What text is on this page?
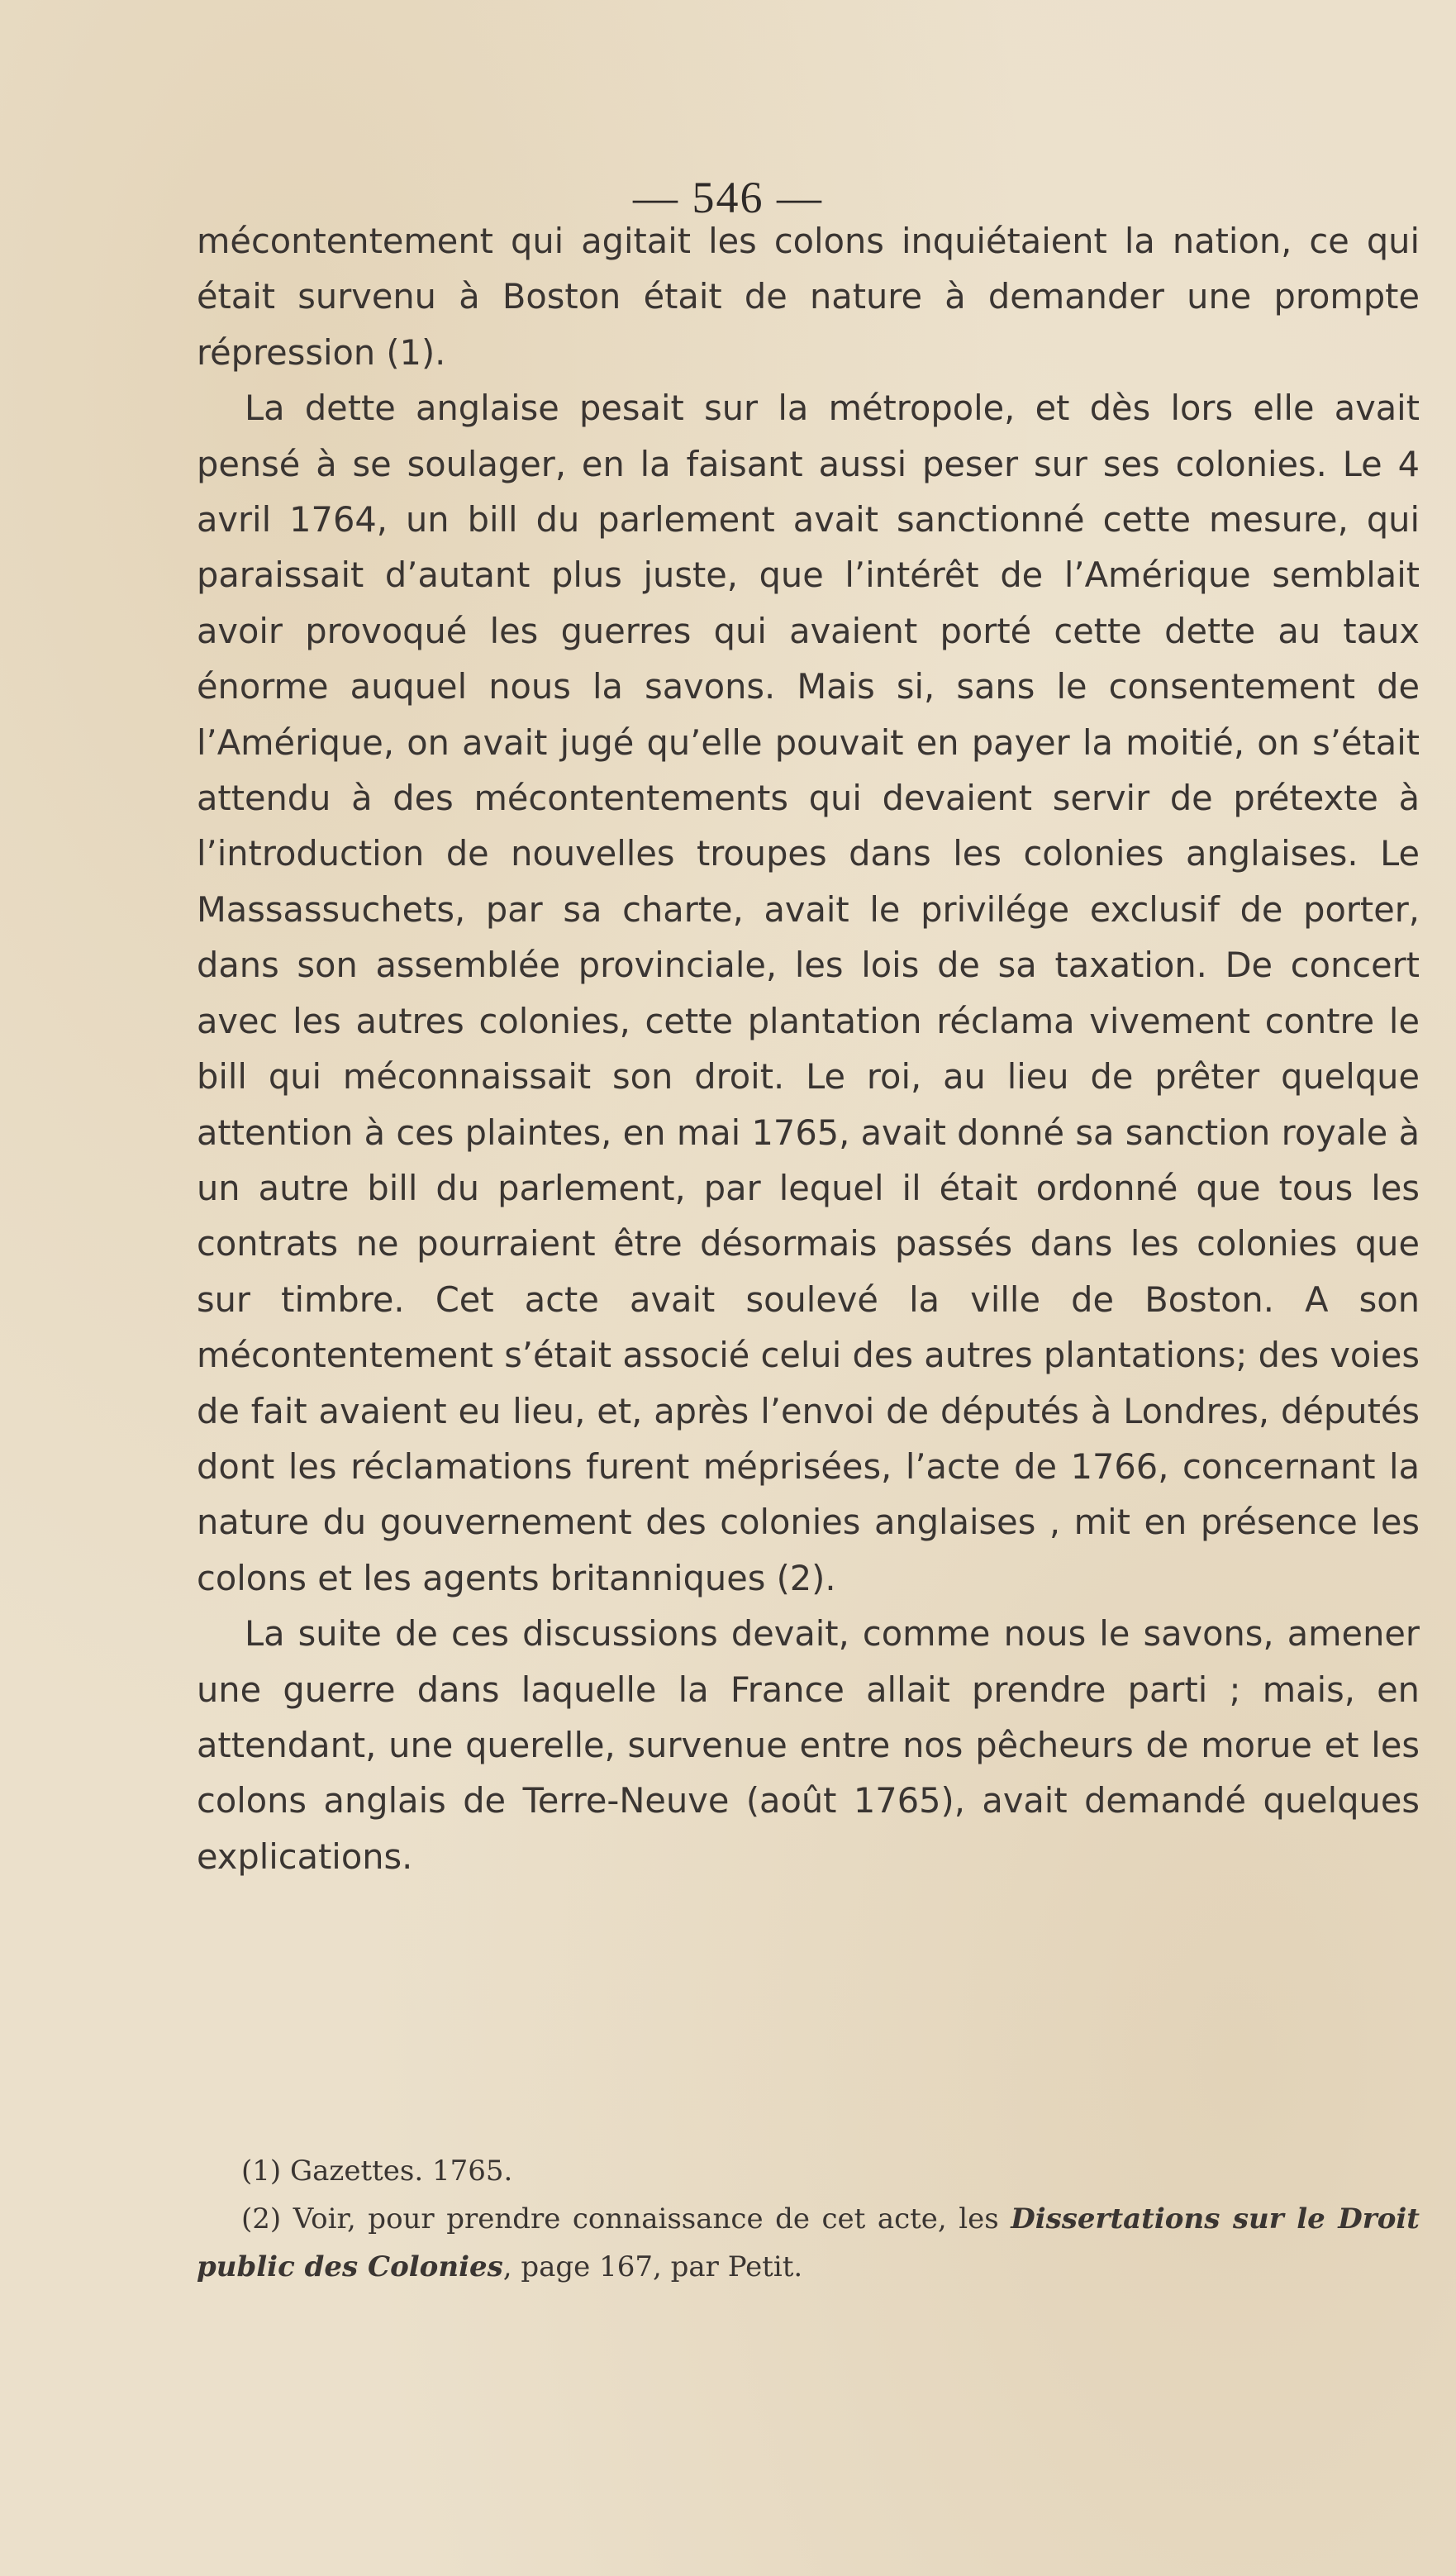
— 546 —

mécontentement qui agitait les colons inquiétaient la nation, ce qui était survenu à Boston était de nature à demander une prompte répression (1).

La dette anglaise pesait sur la métropole, et dès lors elle avait pensé à se soulager, en la faisant aussi peser sur ses colonies. Le 4 avril 1764, un bill du parlement avait sanctionné cette mesure, qui paraissait d’autant plus juste, que l’intérêt de l’Amérique semblait avoir provoqué les guerres qui avaient porté cette dette au taux énorme auquel nous la savons. Mais si, sans le consentement de l’Amérique, on avait jugé qu’elle pouvait en payer la moitié, on s’était attendu à des mécontentements qui devaient servir de prétexte à l’introduction de nouvelles troupes dans les colonies anglaises. Le Massassuchets, par sa charte, avait le privilége exclusif de porter, dans son assemblée provinciale, les lois de sa taxation. De concert avec les autres colonies, cette plantation réclama vivement contre le bill qui méconnaissait son droit. Le roi, au lieu de prêter quelque attention à ces plaintes, en mai 1765, avait donné sa sanction royale à un autre bill du parlement, par lequel il était ordonné que tous les contrats ne pourraient être désormais passés dans les colonies que sur timbre. Cet acte avait soulevé la ville de Boston. A son mécontentement s’était associé celui des autres plantations; des voies de fait avaient eu lieu, et, après l’envoi de députés à Londres, députés dont les réclamations furent méprisées, l’acte de 1766, concernant la nature du gouvernement des colonies anglaises , mit en présence les colons et les agents britanniques (2).

La suite de ces discussions devait, comme nous le savons, amener une guerre dans laquelle la France allait prendre parti ; mais, en attendant, une querelle, survenue entre nos pêcheurs de morue et les colons anglais de Terre-Neuve (août 1765), avait demandé quelques explications.

(1) Gazettes. 1765.

(2) Voir, pour prendre connaissance de cet acte, les Dissertations sur le Droit public des Colonies, page 167, par Petit.
